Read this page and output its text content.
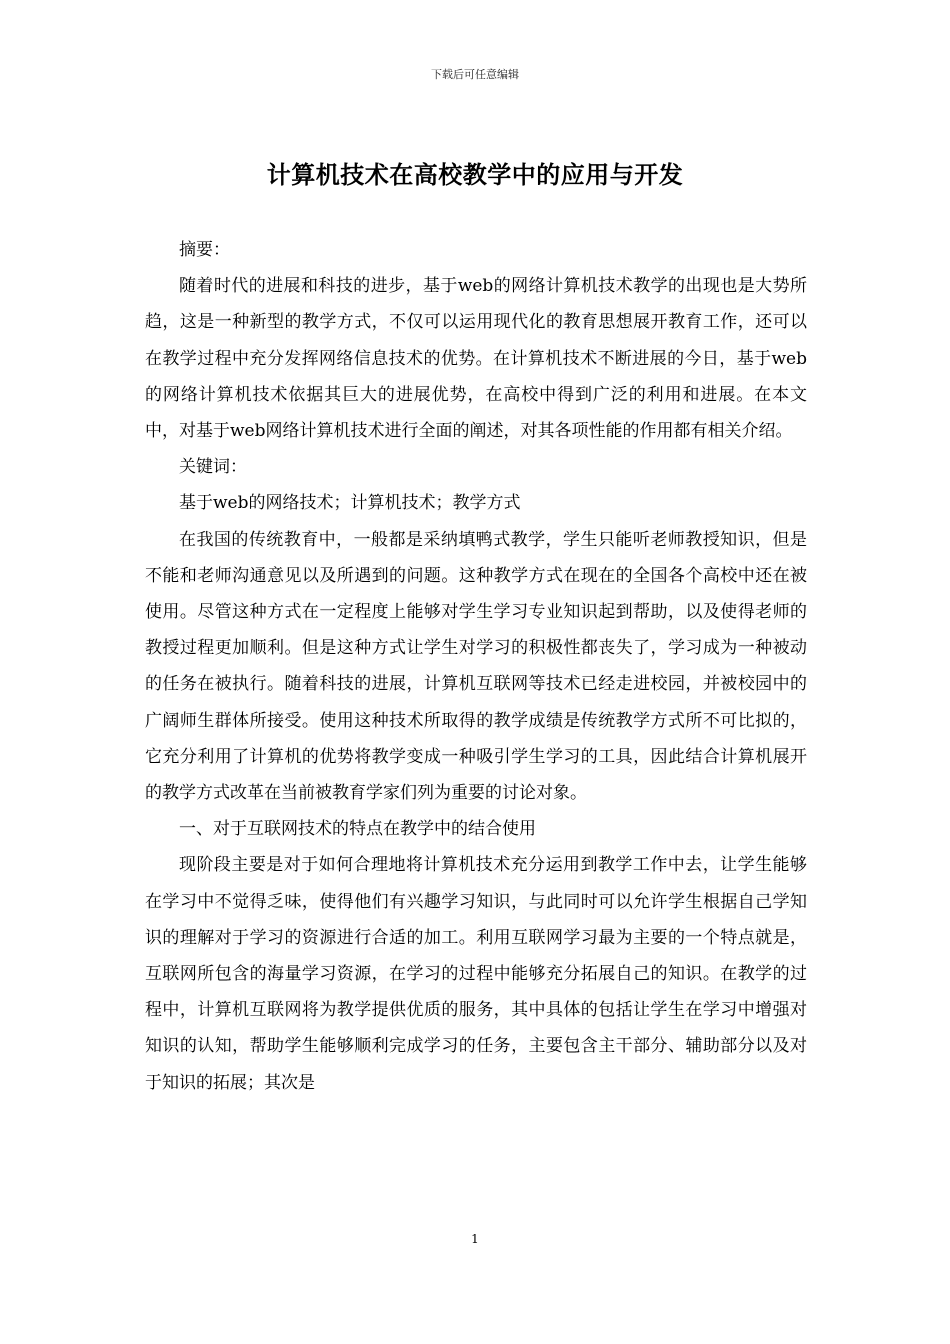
下载后可任意编辑
计算机技术在高校教学中的应用与开发

摘要：

随着时代的进展和科技的进步，基于web的网络计算机技术教学的出现也是大势所趋，这是一种新型的教学方式，不仅可以运用现代化的教育思想展开教育工作，还可以在教学过程中充分发挥网络信息技术的优势。在计算机技术不断进展的今日，基于web的网络计算机技术依据其巨大的进展优势，在高校中得到广泛的利用和进展。在本文中，对基于web网络计算机技术进行全面的阐述，对其各项性能的作用都有相关介绍。

关键词：

基于web的网络技术；计算机技术；教学方式

在我国的传统教育中，一般都是采纳填鸭式教学，学生只能听老师教授知识，但是不能和老师沟通意见以及所遇到的问题。这种教学方式在现在的全国各个高校中还在被使用。尽管这种方式在一定程度上能够对学生学习专业知识起到帮助，以及使得老师的教授过程更加顺利。但是这种方式让学生对学习的积极性都丧失了，学习成为一种被动的任务在被执行。随着科技的进展，计算机互联网等技术已经走进校园，并被校园中的广阔师生群体所接受。使用这种技术所取得的教学成绩是传统教学方式所不可比拟的，它充分利用了计算机的优势将教学变成一种吸引学生学习的工具，因此结合计算机展开的教学方式改革在当前被教育学家们列为重要的讨论对象。

一、对于互联网技术的特点在教学中的结合使用

现阶段主要是对于如何合理地将计算机技术充分运用到教学工作中去，让学生能够在学习中不觉得乏味，使得他们有兴趣学习知识，与此同时可以允许学生根据自己学知识的理解对于学习的资源进行合适的加工。利用互联网学习最为主要的一个特点就是，互联网所包含的海量学习资源，在学习的过程中能够充分拓展自己的知识。在教学的过程中，计算机互联网将为教学提供优质的服务，其中具体的包括让学生在学习中增强对知识的认知，帮助学生能够顺利完成学习的任务，主要包含主干部分、辅助部分以及对于知识的拓展；其次是

1
